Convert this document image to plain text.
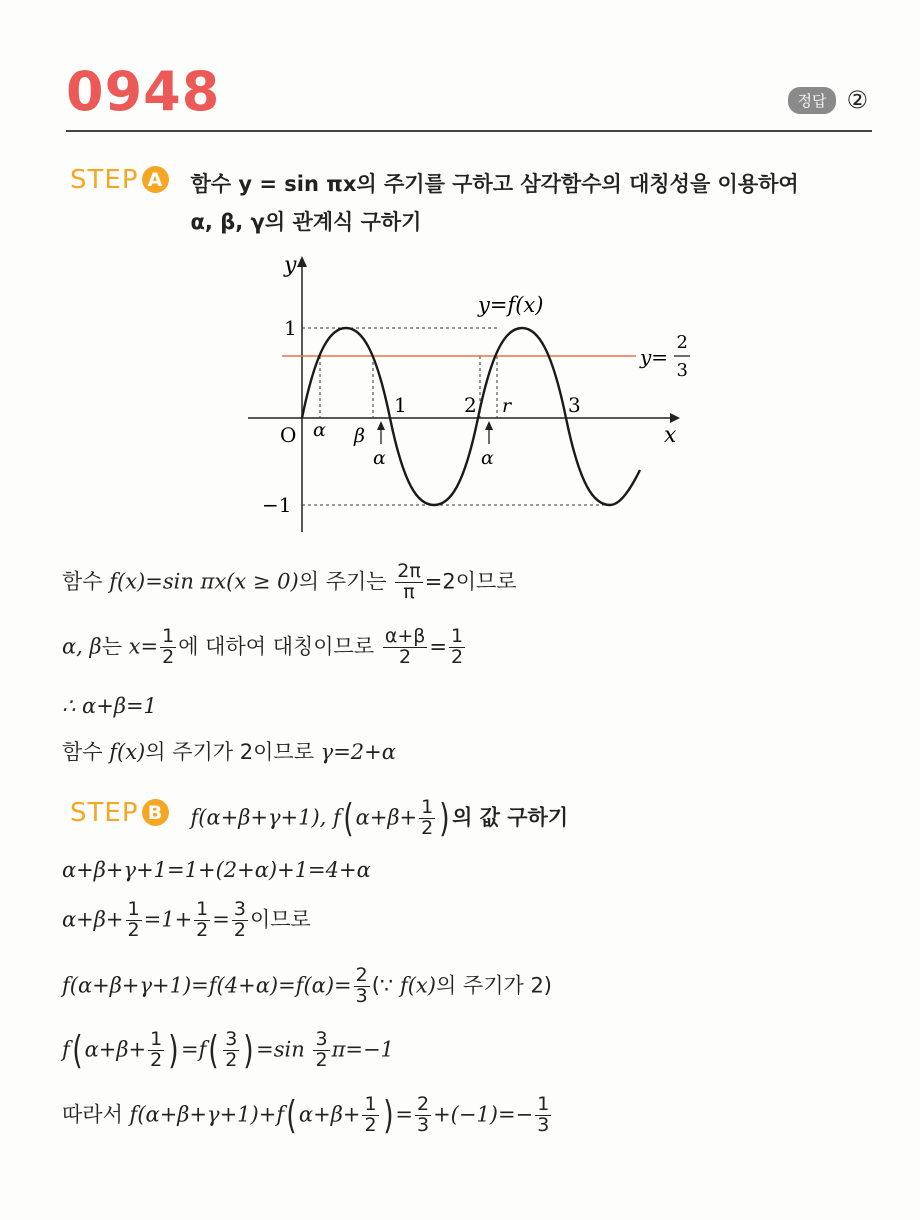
0948	정답 ②
STEP A 함수 y = sin πx의 주기를 구하고 삼각함수의 대칭성을 이용하여
α, β, γ의 관계식 구하기
y
x
O
1
−1
1	2	3
r
α β
y=f(x)
y=
2
3
α	α
함수 f(x)=sin πx(x ≥ 0)의 주기는 $\frac{2\pi}{\pi} =2$이므로
α, β는 $x= \frac{1}{2}$ 에 대하여 대칭이므로 $\frac{\alpha+\beta}{2} = \frac{1}{2}$
∴ α+β=1
함수 f(x)의 주기가 2이므로 γ=2+α
STEP B f(α+β+γ+1), f( $\alpha+\beta+ \frac{1}{2}$ ) 의 값 구하기
α+β+γ+1=1+(2+α)+1=4+α
$\alpha+\beta+ \frac{1}{2} =1+ \frac{1}{2} = \frac{3}{2}$ 이므로
$f(\alpha+\beta+\gamma+1)=f(4+\alpha)=f(\alpha)= \frac{2}{3}$ (∵ f(x)의 주기가 2)
f( $\alpha+\beta+ \frac{1}{2}$ ) $=f( \frac{3}{2}$ ) $=\sin \frac{3}{2} \pi=-1$
따라서 f(α+β+γ+1)+f( $\alpha+\beta+ \frac{1}{2}$ ) = $\frac{2}{3} +(-1)=- \frac{1}{3}$
